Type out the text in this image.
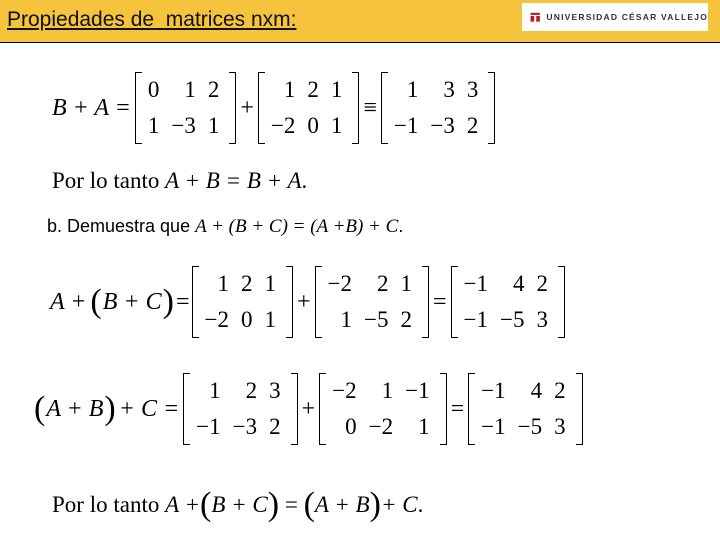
Propiedades de  matrices nxm:	UNIVERSIDAD CÉSAR VALLEJO
B + A =
0	1 2
1 −3 1
+
1 2 1
−2 0 1
≡
1	3 3
−1 −3 2
Por lo tanto A + B = B + A.
b. Demuestra que A + (B + C) = (A +B) + C.
A + ( B + C ) =
1 2 1
−2 0 1
+
−2	2 1
1 −5 2
=
−1	4 2
−1 −5 3
( A + B ) + C =
1	2 3
−1 −3 2
+
−2	1 −1
0 −2	1
=
−1	4 2
−1 −5 3
Por lo tanto A + ( B + C ) = ( A + B ) + C .
